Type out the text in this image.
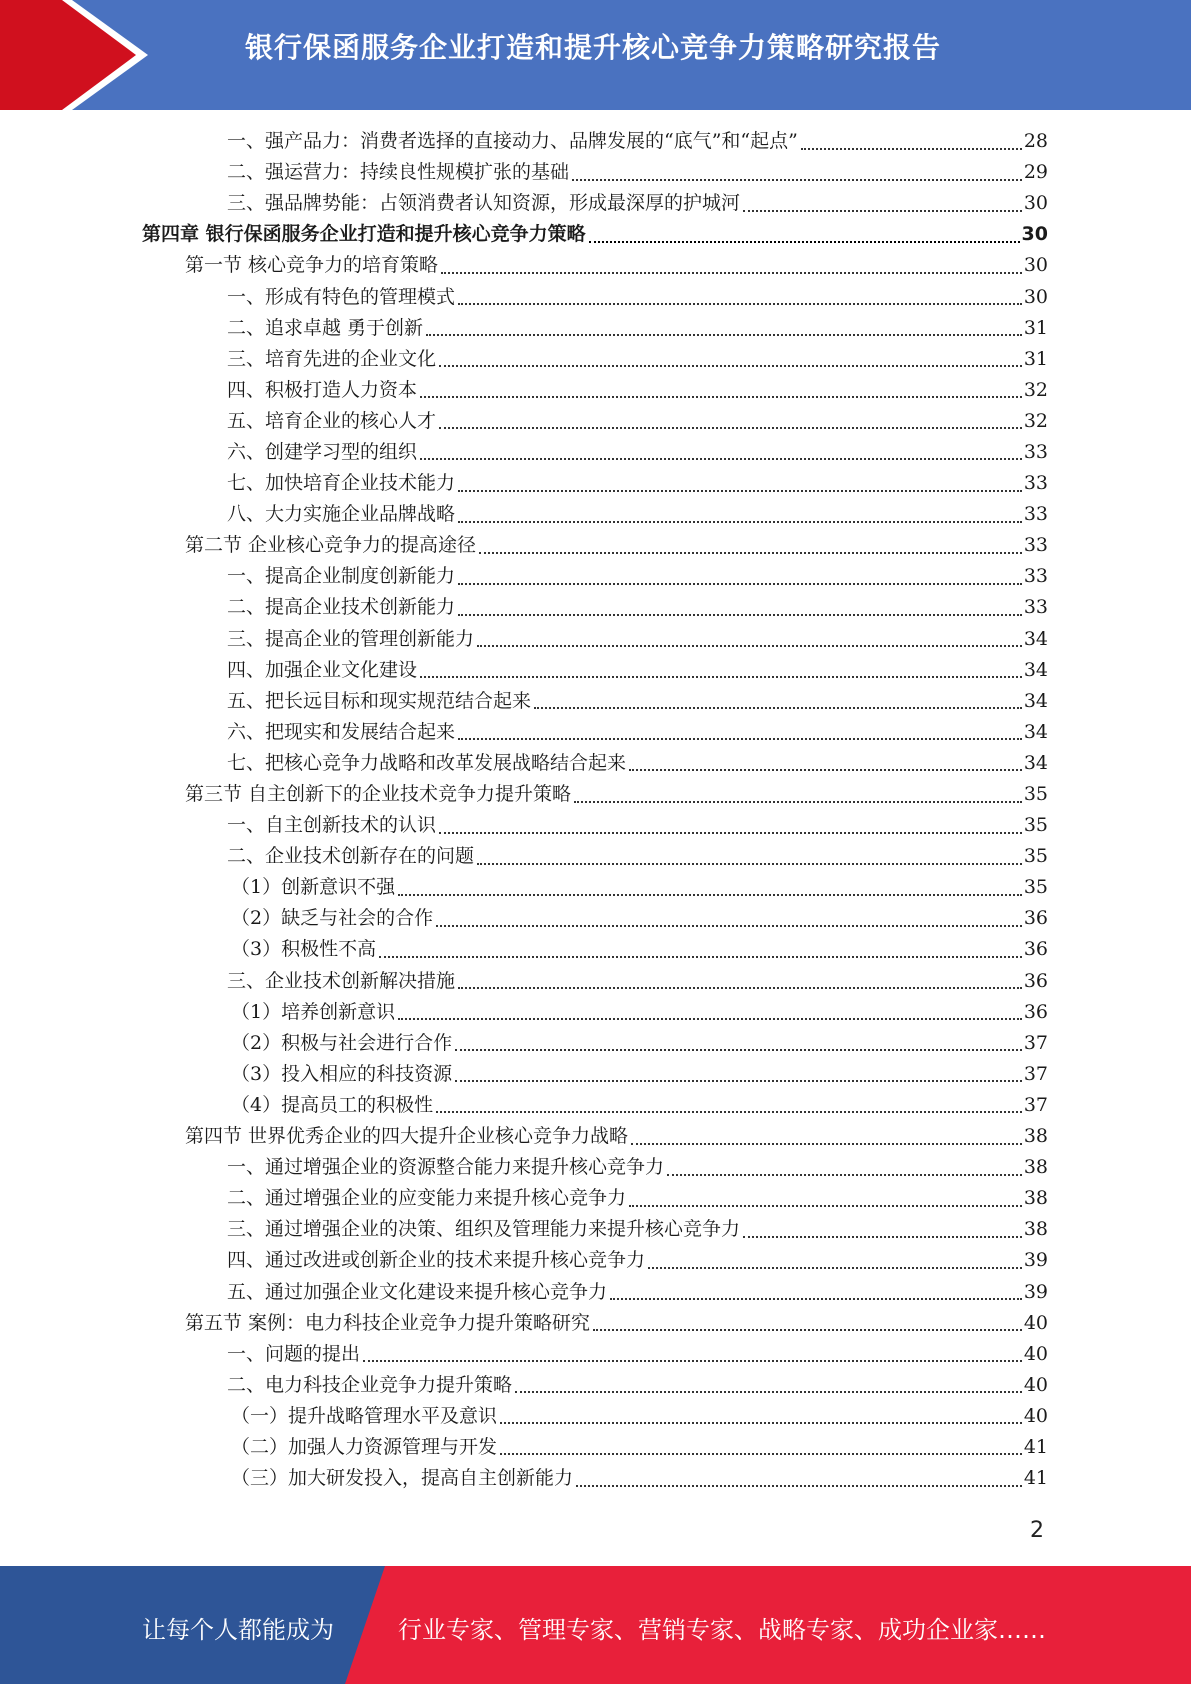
银行保函服务企业打造和提升核心竞争力策略研究报告
一、强产品力：消费者选择的直接动力、品牌发展的“底气”和“起点”	28
二、强运营力：持续良性规模扩张的基础	29
三、强品牌势能：占领消费者认知资源，形成最深厚的护城河	30
第四章 银行保函服务企业打造和提升核心竞争力策略	30
第一节 核心竞争力的培育策略	30
一、形成有特色的管理模式	30
二、追求卓越 勇于创新	31
三、培育先进的企业文化	31
四、积极打造人力资本	32
五、培育企业的核心人才	32
六、创建学习型的组织	33
七、加快培育企业技术能力	33
八、大力实施企业品牌战略	33
第二节 企业核心竞争力的提高途径	33
一、提高企业制度创新能力	33
二、提高企业技术创新能力	33
三、提高企业的管理创新能力	34
四、加强企业文化建设	34
五、把长远目标和现实规范结合起来	34
六、把现实和发展结合起来	34
七、把核心竞争力战略和改革发展战略结合起来	34
第三节 自主创新下的企业技术竞争力提升策略	35
一、自主创新技术的认识	35
二、企业技术创新存在的问题	35
（1）创新意识不强	35
（2）缺乏与社会的合作	36
（3）积极性不高	36
三、企业技术创新解决措施	36
（1）培养创新意识	36
（2）积极与社会进行合作	37
（3）投入相应的科技资源	37
（4）提高员工的积极性	37
第四节 世界优秀企业的四大提升企业核心竞争力战略	38
一、通过增强企业的资源整合能力来提升核心竞争力	38
二、通过增强企业的应变能力来提升核心竞争力	38
三、通过增强企业的决策、组织及管理能力来提升核心竞争力	38
四、通过改进或创新企业的技术来提升核心竞争力	39
五、通过加强企业文化建设来提升核心竞争力	39
第五节 案例：电力科技企业竞争力提升策略研究	40
一、问题的提出	40
二、电力科技企业竞争力提升策略	40
（一）提升战略管理水平及意识	40
（二）加强人力资源管理与开发	41
（三）加大研发投入，提高自主创新能力	41
2
让每个人都能成为	行业专家、管理专家、营销专家、战略专家、成功企业家……
